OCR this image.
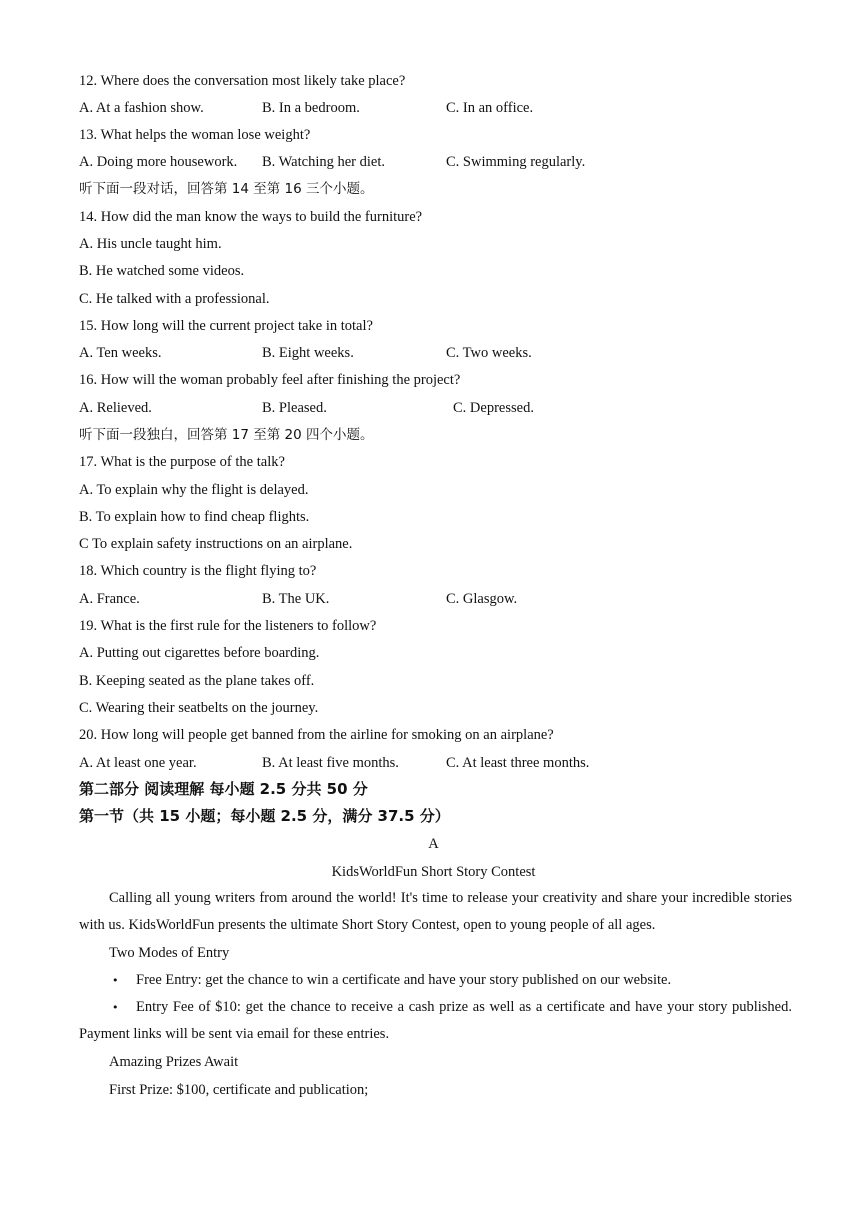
12. Where does the conversation most likely take place?
A. At a fashion show.	B. In a bedroom.	C. In an office.
13. What helps the woman lose weight?
A. Doing more housework. B. Watching her diet.	C. Swimming regularly.
听下面一段对话，回答第 14 至第 16 三个小题。
14. How did the man know the ways to build the furniture?
A. His uncle taught him.
B. He watched some videos.
C. He talked with a professional.
15. How long will the current project take in total?
A. Ten weeks.	B. Eight weeks.	C. Two weeks.
16. How will the woman probably feel after finishing the project?
A. Relieved.	B. Pleased.	C. Depressed.
听下面一段独白，回答第 17 至第 20 四个小题。
17. What is the purpose of the talk?
A. To explain why the flight is delayed.
B. To explain how to find cheap flights.
C To explain safety instructions on an airplane.
18. Which country is the flight flying to?
A. France.	B. The UK.	C. Glasgow.
19. What is the first rule for the listeners to follow?
A. Putting out cigarettes before boarding.
B. Keeping seated as the plane takes off.
C. Wearing their seatbelts on the journey.
20. How long will people get banned from the airline for smoking on an airplane?
A. At least one year.	B. At least five months.	C. At least three months.
第二部分 阅读理解 每小题 2.5 分共 50 分
第一节（共 15 小题；每小题 2.5 分，满分 37.5 分）
A
KidsWorldFun Short Story Contest
Calling all young writers from around the world! It's time to release your creativity and share your incredible stories with us. KidsWorldFun presents the ultimate Short Story Contest, open to young people of all ages.
Two Modes of Entry
• Free Entry: get the chance to win a certificate and have your story published on our website.
• Entry Fee of $10: get the chance to receive a cash prize as well as a certificate and have your story published. Payment links will be sent via email for these entries.
Amazing Prizes Await
First Prize: $100, certificate and publication;
